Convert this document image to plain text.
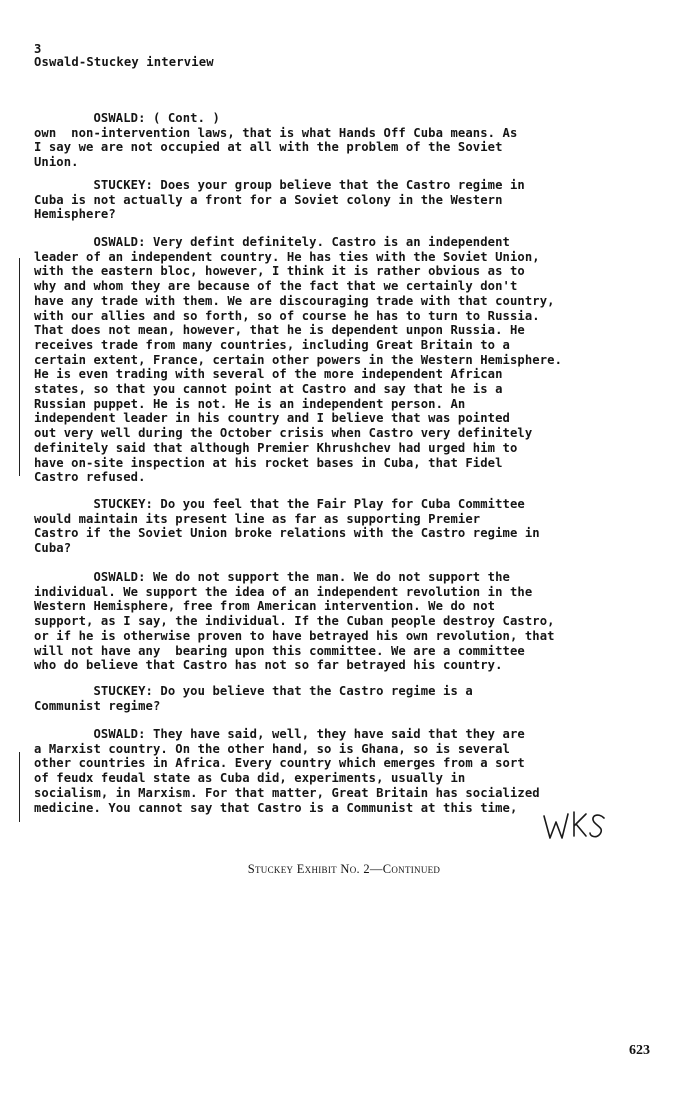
3
Oswald-Stuckey interview
OSWALD: ( Cont. )
own  non-intervention laws, that is what Hands Off Cuba means. As
I say we are not occupied at all with the problem of the Soviet
Union.
STUCKEY: Does your group believe that the Castro regime in
Cuba is not actually a front for a Soviet colony in the Western
Hemisphere?
OSWALD: Very defint definitely. Castro is an independent
leader of an independent country. He has ties with the Soviet Union,
with the eastern bloc, however, I think it is rather obvious as to
why and whom they are because of the fact that we certainly don't
have any trade with them. We are discouraging trade with that country,
with our allies and so forth, so of course he has to turn to Russia.
That does not mean, however, that he is dependent unpon Russia. He
receives trade from many countries, including Great Britain to a
certain extent, France, certain other powers in the Western Hemisphere.
He is even trading with several of the more independent African
states, so that you cannot point at Castro and say that he is a
Russian puppet. He is not. He is an independent person. An
independent leader in his country and I believe that was pointed
out very well during the October crisis when Castro very definitely
definitely said that although Premier Khrushchev had urged him to
have on-site inspection at his rocket bases in Cuba, that Fidel
Castro refused.
STUCKEY: Do you feel that the Fair Play for Cuba Committee
would maintain its present line as far as supporting Premier
Castro if the Soviet Union broke relations with the Castro regime in
Cuba?
OSWALD: We do not support the man. We do not support the
individual. We support the idea of an independent revolution in the
Western Hemisphere, free from American intervention. We do not
support, as I say, the individual. If the Cuban people destroy Castro,
or if he is otherwise proven to have betrayed his own revolution, that
will not have any  bearing upon this committee. We are a committee
who do believe that Castro has not so far betrayed his country.
STUCKEY: Do you believe that the Castro regime is a
Communist regime?
OSWALD: They have said, well, they have said that they are
a Marxist country. On the other hand, so is Ghana, so is several
other countries in Africa. Every country which emerges from a sort
of feudx feudal state as Cuba did, experiments, usually in
socialism, in Marxism. For that matter, Great Britain has socialized
medicine. You cannot say that Castro is a Communist at this time,
Stuckey Exhibit No. 2—Continued
623
